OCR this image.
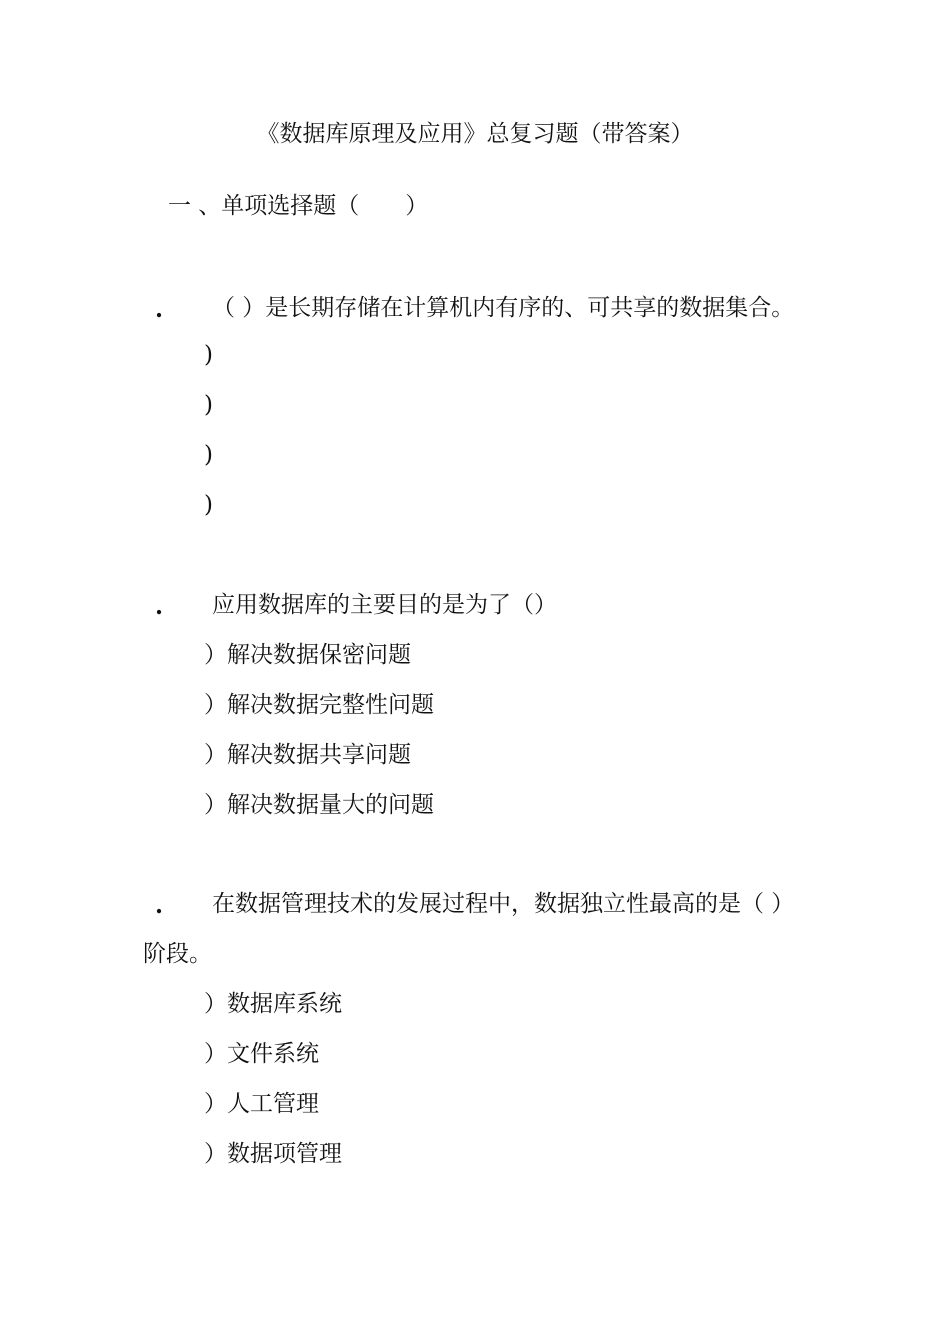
《数据库原理及应用》总复习题（带答案）
一 、单项选择题（　　）
. （ ）是长期存储在计算机内有序的、可共享的数据集合。
)
)
)
)
. 应用数据库的主要目的是为了（）
）解决数据保密问题
）解决数据完整性问题
）解决数据共享问题
）解决数据量大的问题
. 在数据管理技术的发展过程中，数据独立性最高的是（ ）
阶段。
）数据库系统
）文件系统
）人工管理
）数据项管理
